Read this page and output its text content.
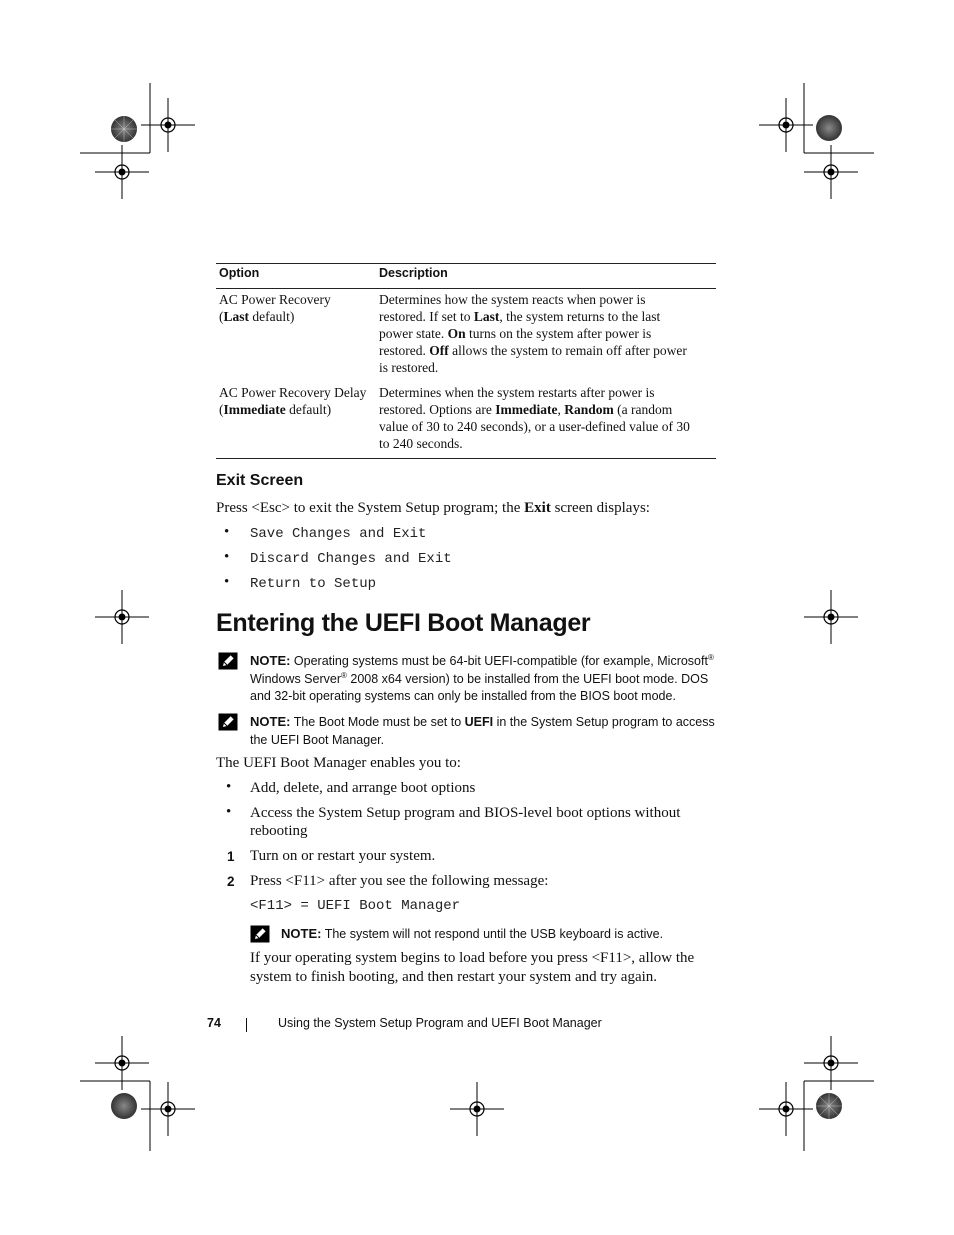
Option	Description
AC Power Recovery
(Last default)
Determines how the system reacts when power is
restored. If set to Last, the system returns to the last
power state. On turns on the system after power is
restored. Off allows the system to remain off after power
is restored.
AC Power Recovery Delay
(Immediate default)
Determines when the system restarts after power is
restored. Options are Immediate, Random (a random
value of 30 to 240 seconds), or a user-defined value of 30
to 240 seconds.
Exit Screen
Press <Esc> to exit the System Setup program; the Exit screen displays:
• Save Changes and Exit
• Discard Changes and Exit
• Return to Setup
Entering the UEFI Boot Manager
NOTE: Operating systems must be 64-bit UEFI-compatible (for example, Microsoft®
Windows Server® 2008 x64 version) to be installed from the UEFI boot mode. DOS
and 32-bit operating systems can only be installed from the BIOS boot mode.
NOTE: The Boot Mode must be set to UEFI in the System Setup program to access
the UEFI Boot Manager.
The UEFI Boot Manager enables you to:
• Add, delete, and arrange boot options
• Access the System Setup program and BIOS-level boot options without
rebooting
1 Turn on or restart your system.
2 Press <F11> after you see the following message:
<F11> = UEFI Boot Manager
NOTE: The system will not respond until the USB keyboard is active.
If your operating system begins to load before you press <F11>, allow the
system to finish booting, and then restart your system and try again.
74	Using the System Setup Program and UEFI Boot Manager
